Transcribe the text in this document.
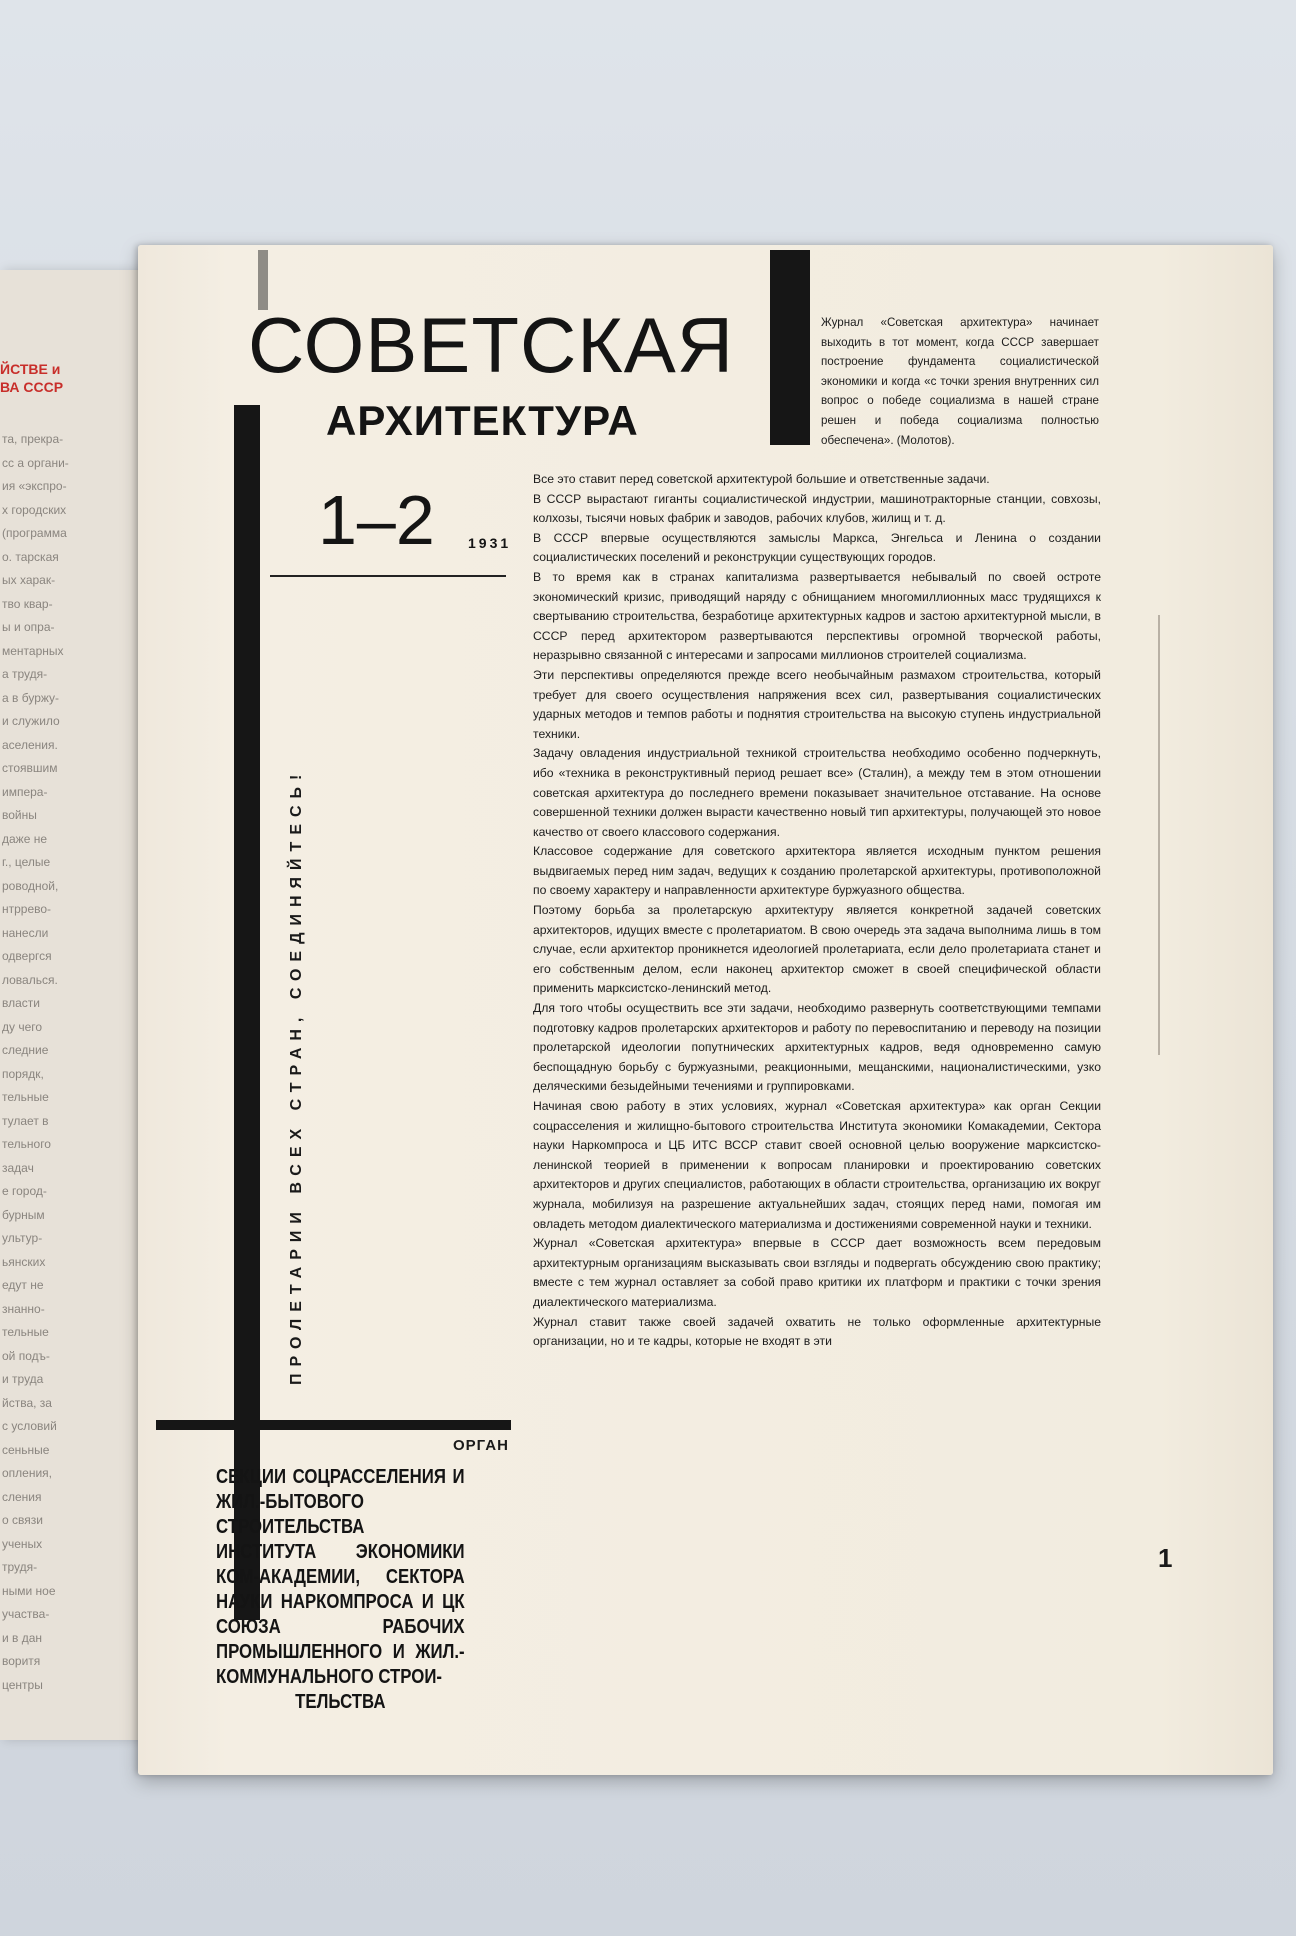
ЙСТВЕ и
ВА СССР
та, прекра-
сс а органи-
ия «экспро-
х городских
(программа
о. тарская
ых харак-
тво квар-
ы и опра-
ментарных
а трудя-
а в буржу-
и служило
аселения.
стоявшим
импера-
войны
даже не
г., целые
роводной,
нтррево-
нанесли
одвергся
ловалься.
власти
ду чего
следние
порядк,
тельные
тулает в
тельного
задач
е город-
бурным
ультур-
ьянских
едут не
знанно-
тельные
ой подъ-
и труда
йства, за
с условий
сеньные
опления,
сления
о связи
ученых
трудя-
ными ное
участва-
и в дан
воритя
центры
СОВЕТСКАЯ
АРХИТЕКТУРА
1–2 1931
ПРОЛЕТАРИИ ВСЕХ СТРАН, СОЕДИНЯЙТЕСЬ!
ОРГАН
СЕКЦИИ СОЦРАССЕЛЕНИЯ И ЖИЛ.-БЫТОВОГО СТРОИТЕЛЬСТВА ИНСТИТУТА ЭКОНОМИКИ КОМ-АКАДЕМИИ, СЕКТОРА НАУКИ НАРКОМПРОСА И ЦК СОЮЗА РАБОЧИХ ПРОМЫШЛЕННОГО И ЖИЛ.-КОММУНАЛЬНОГО СТРОИ-
ТЕЛЬСТВА
Журнал «Советская архитектура» начинает выходить в тот момент, когда СССР завершает построение фундамента социалистической экономики и когда «с точки зрения внутренних сил вопрос о победе социализма в нашей стране решен и победа социализма полностью обеспечена». (Молотов).

Все это ставит перед советской архитектурой большие и ответственные задачи.

В СССР вырастают гиганты социалистической индустрии, машинотракторные станции, совхозы, колхозы, тысячи новых фабрик и заводов, рабочих клубов, жилищ и т. д.

В СССР впервые осуществляются замыслы Маркса, Энгельса и Ленина о создании социалистических поселений и реконструкции существующих городов.

В то время как в странах капитализма развертывается небывалый по своей остроте экономический кризис, приводящий наряду с обнищанием многомиллионных масс трудящихся к свертыванию строительства, безработице архитектурных кадров и застою архитектурной мысли, в СССР перед архитектором развертываются перспективы огромной творческой работы, неразрывно связанной с интересами и запросами миллионов строителей социализма.

Эти перспективы определяются прежде всего необычайным размахом строительства, который требует для своего осуществления напряжения всех сил, развертывания социалистических ударных методов и темпов работы и поднятия строительства на высокую ступень индустриальной техники.

Задачу овладения индустриальной техникой строительства необходимо особенно подчеркнуть, ибо «техника в реконструктивный период решает все» (Сталин), а между тем в этом отношении советская архитектура до последнего времени показывает значительное отставание. На основе совершенной техники должен вырасти качественно новый тип архитектуры, получающей это новое качество от своего классового содержания.

Классовое содержание для советского архитектора является исходным пунктом решения выдвигаемых перед ним задач, ведущих к созданию пролетарской архитектуры, противоположной по своему характеру и направленности архитектуре буржуазного общества.

Поэтому борьба за пролетарскую архитектуру является конкретной задачей советских архитекторов, идущих вместе с пролетариатом. В свою очередь эта задача выполнима лишь в том случае, если архитектор проникнется идеологией пролетариата, если дело пролетариата станет и его собственным делом, если наконец архитектор сможет в своей специфической области применить марксистско-ленинский метод.

Для того чтобы осуществить все эти задачи, необходимо развернуть соответствующими темпами подготовку кадров пролетарских архитекторов и работу по перевоспитанию и переводу на позиции пролетарской идеологии попутнических архитектурных кадров, ведя одновременно самую беспощадную борьбу с буржуазными, реакционными, мещанскими, националистическими, узко деляческими безыдейными течениями и группировками.

Начиная свою работу в этих условиях, журнал «Советская архитектура» как орган Секции соцрасселения и жилищно-бытового строительства Института экономики Комакадемии, Сектора науки Наркомпроса и ЦБ ИТС ВССР ставит своей основной целью вооружение марксистско-ленинской теорией в применении к вопросам планировки и проектированию советских архитекторов и других специалистов, работающих в области строительства, организацию их вокруг журнала, мобилизуя на разрешение актуальнейших задач, стоящих перед нами, помогая им овладеть методом диалектического материализма и достижениями современной науки и техники.

Журнал «Советская архитектура» впервые в СССР дает возможность всем передовым архитектурным организациям высказывать свои взгляды и подвергать обсуждению свою практику; вместе с тем журнал оставляет за собой право критики их платформ и практики с точки зрения диалектического материализма.

Журнал ставит также своей задачей охватить не только оформленные архитектурные организации, но и те кадры, которые не входят в эти

1
